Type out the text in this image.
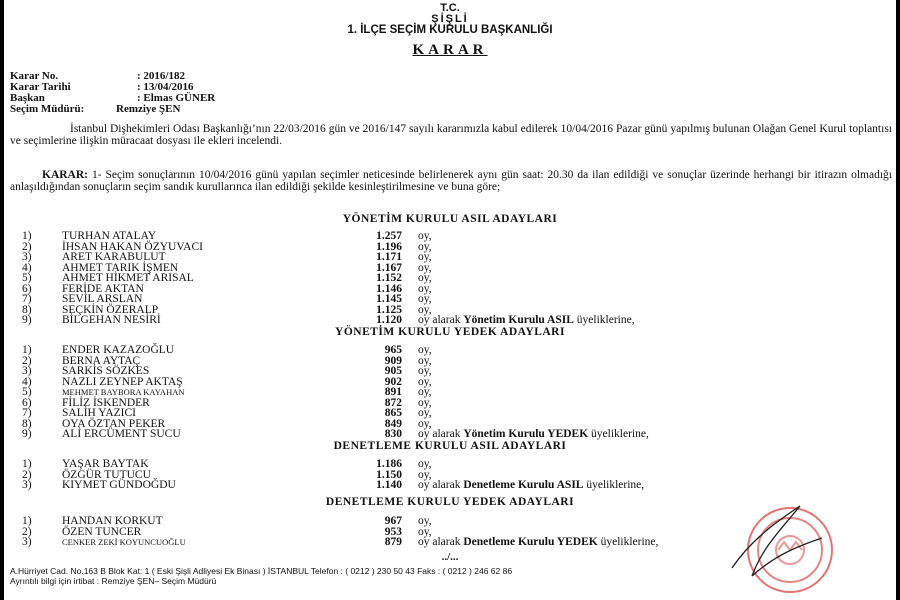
T.C.
ŞİŞLİ
1. İLÇE SEÇİM KURULU BAŞKANLIĞI
KARAR
Karar No.	: 2016/182
Karar Tarihi	: 13/04/2016
Başkan	: Elmas GÜNER
Seçim Müdürü:	Remziye ŞEN
İstanbul Dişhekimleri Odası Başkanlığı’nın 22/03/2016 gün ve 2016/147 sayılı kararımızla kabul edilerek 10/04/2016 Pazar günü yapılmış bulunan Olağan Genel Kurul toplantısı ve seçimlerine ilişkin müracaat dosyası ile ekleri incelendi.
KARAR: 1- Seçim sonuçlarının 10/04/2016 günü yapılan seçimler neticesinde belirlenerek aynı gün saat: 20.30 da ilan edildiği ve sonuçlar üzerinde herhangi bir itirazın olmadığı anlaşıldığından sonuçların seçim sandık kurullarınca ilan edildiği şekilde kesinleştirilmesine ve buna göre;
YÖNETİM KURULU ASIL ADAYLARI
1)	TURHAN ATALAY	1.257 oy,
2)	İHSAN HAKAN ÖZYUVACI	1.196 oy,
3)	ARET KARABULUT	1.171 oy,
4)	AHMET TARIK İŞMEN	1.167 oy,
5)	AHMET HİKMET ARISAL	1.152 oy,
6)	FERİDE AKTAN	1.146 oy,
7)	SEVİL ARSLAN	1.145 oy,
8)	SEÇKİN ÖZERALP	1.125 oy,
9)	BİLGEHAN NESİRİ	1.120 oy alarak Yönetim Kurulu ASIL üyeliklerine,
YÖNETİM KURULU YEDEK ADAYLARI
1)	ENDER KAZAZOĞLU	965 oy,
2)	BERNA AYTAÇ	909 oy,
3)	SARKİS SÖZKES	905 oy,
4)	NAZLI ZEYNEP AKTAŞ	902 oy,
5)	MEHMET BAYBORA KAYAHAN	891 oy,
6)	FİLİZ İSKENDER	872 oy,
7)	SALİH YAZICI	865 oy,
8)	OYA ÖZTAN PEKER	849 oy,
9)	ALİ ERCÜMENT SUCU	830 oy alarak Yönetim Kurulu YEDEK üyeliklerine,
DENETLEME KURULU ASIL ADAYLARI
1)	YAŞAR BAYTAK	1.186 oy,
2)	ÖZGÜR TUTUCU	1.150 oy,
3)	KIYMET GÜNDOĞDU	1.140 oy alarak Denetleme Kurulu ASIL üyeliklerine,
DENETLEME KURULU YEDEK ADAYLARI
1)	HANDAN KORKUT	967 oy,
2)	ÖZEN TUNCER	953 oy,
3)	CENKER ZEKİ KOYUNCUOĞLU	879 oy alarak Denetleme Kurulu YEDEK üyeliklerine,
../...
A.Hürriyet Cad. No.163 B Blok Kat: 1 ( Eski Şişli Adliyesi Ek Binası ) İSTANBUL Telefon : ( 0212 ) 230 50 43 Faks : ( 0212 ) 246 62 86
Ayrıntılı bilgi için irtibat : Remziye ŞEN– Seçim Müdürü
